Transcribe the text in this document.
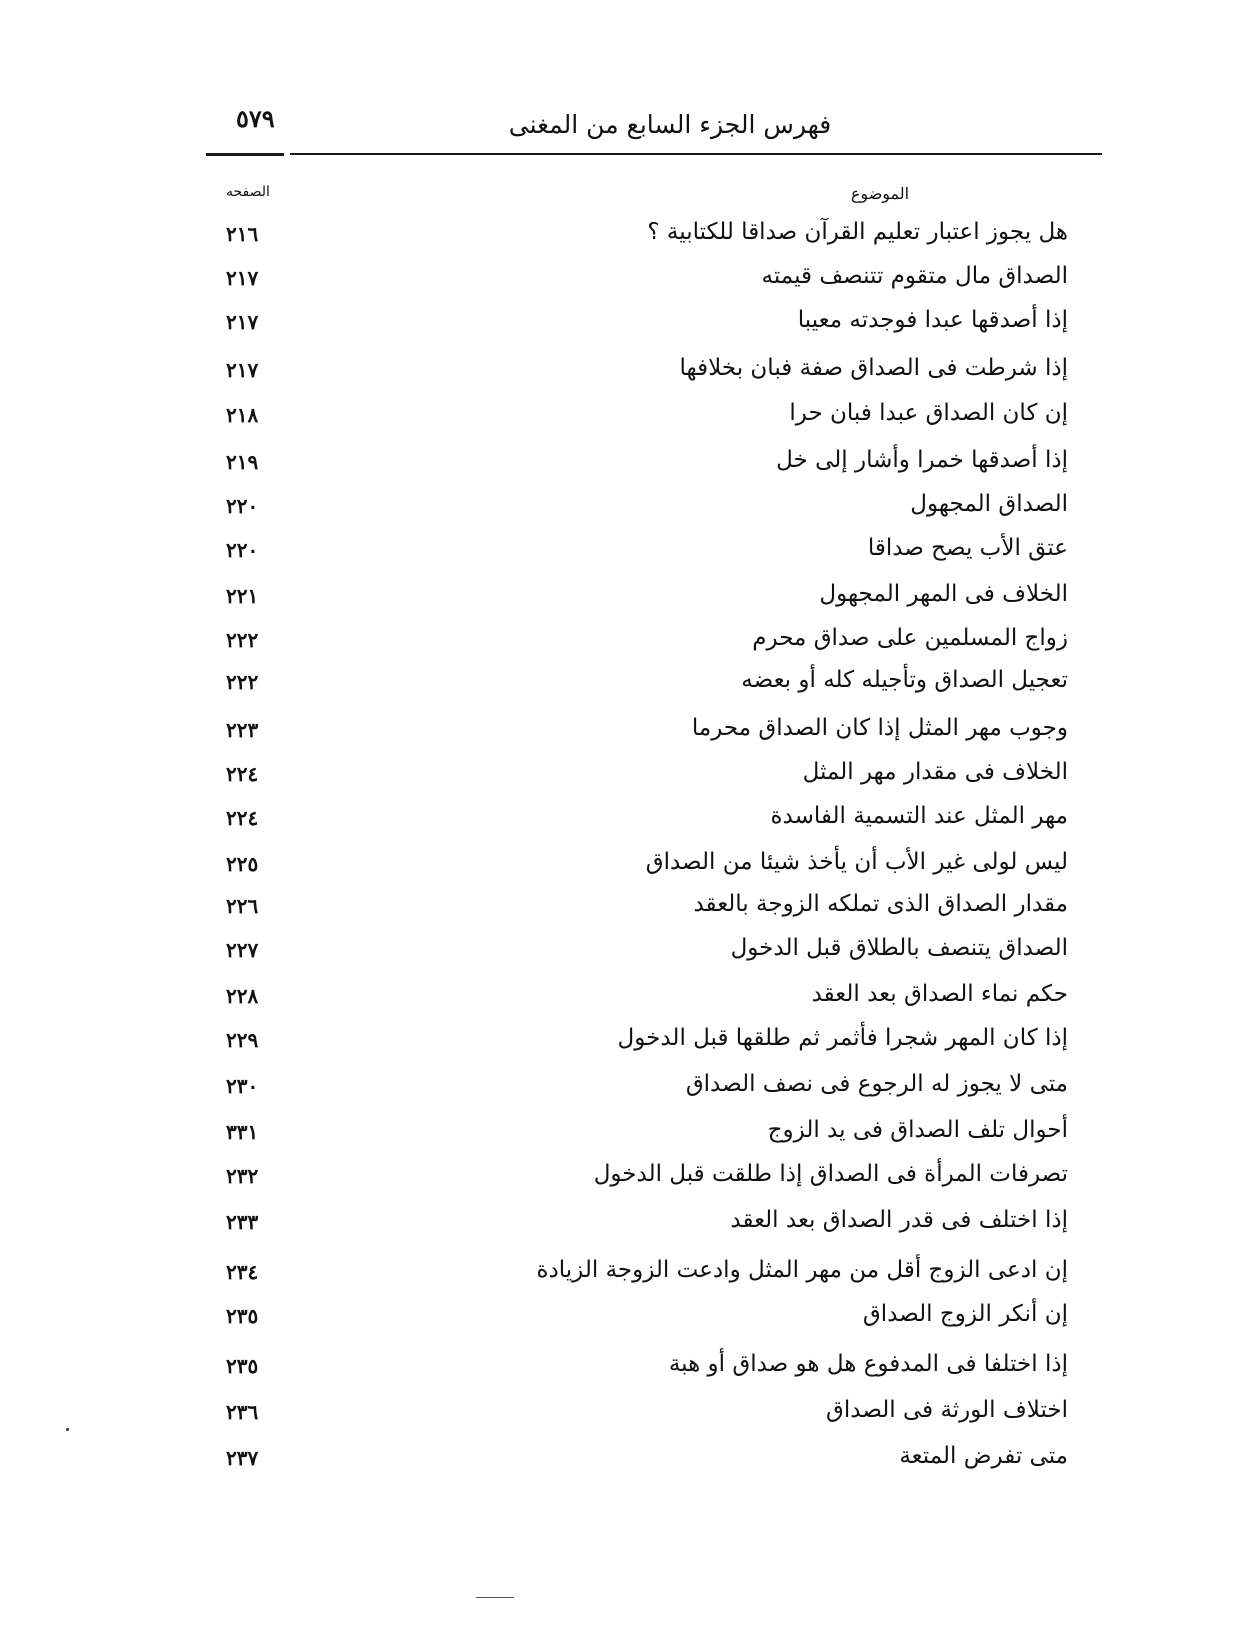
٥٧٩	فهرس الجزء السابع من المغنى
الصفحه	الموضوع
هل يجوز اعتبار تعليم القرآن صداقا للكتابية ؟
٢١٦
الصداق مال متقوم تتنصف قيمته
٢١٧
إذا أصدقها عبدا فوجدته معيبا
٢١٧
إذا شرطت فى الصداق صفة فبان بخلافها
٢١٧
إن كان الصداق عبدا فبان حرا
٢١٨
إذا أصدقها خمرا وأشار إلى خل
٢١٩
الصداق المجهول
٢٢٠
عتق الأب يصح صداقا
٢٢٠
الخلاف فى المهر المجهول
٢٢١
زواج المسلمين على صداق محرم
٢٢٢
تعجيل الصداق وتأجيله كله أو بعضه
٢٢٢
وجوب مهر المثل إذا كان الصداق محرما
٢٢٣
الخلاف فى مقدار مهر المثل
٢٢٤
مهر المثل عند التسمية الفاسدة
٢٢٤
ليس لولى غير الأب أن يأخذ شيئا من الصداق
٢٢٥
مقدار الصداق الذى تملكه الزوجة بالعقد
٢٢٦
الصداق يتنصف بالطلاق قبل الدخول
٢٢٧
حكم نماء الصداق بعد العقد
٢٢٨
إذا كان المهر شجرا فأثمر ثم طلقها قبل الدخول
٢٢٩
متى لا يجوز له الرجوع فى نصف الصداق
٢٣٠
أحوال تلف الصداق فى يد الزوج
٣٣١
تصرفات المرأة فى الصداق إذا طلقت قبل الدخول
٢٣٢
إذا اختلف فى قدر الصداق بعد العقد
٢٣٣
إن ادعى الزوج أقل من مهر المثل وادعت الزوجة الزيادة
٢٣٤
إن أنكر الزوج الصداق
٢٣٥
إذا اختلفا فى المدفوع هل هو صداق أو هبة
٢٣٥
اختلاف الورثة فى الصداق
٢٣٦
متى تفرض المتعة
٢٣٧
